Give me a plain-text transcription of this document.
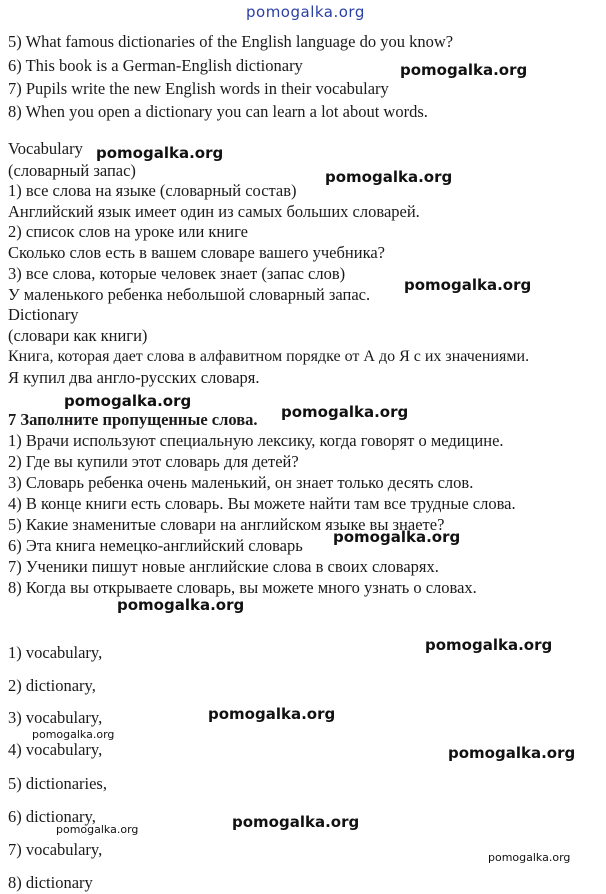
pomogalka.org
5) What famous dictionaries of the English language do you know?
6) This book is a German-English dictionary
7) Pupils write the new English words in their vocabulary
8) When you open a dictionary you can learn a lot about words.
Vocabulary
(словарный запас)
1) все слова на языке (словарный состав)
Английский язык имеет один из самых больших словарей.
2) список слов на уроке или книге
Сколько слов есть в вашем словаре вашего учебника?
3) все слова, которые человек знает (запас слов)
У маленького ребенка небольшой словарный запас.
Dictionary
(словари как книги)
Книга, которая дает слова в алфавитном порядке от А до Я с их значениями.
Я купил два англо-русских словаря.
7 Заполните пропущенные слова.
1) Врачи используют специальную лексику, когда говорят о медицине.
2) Где вы купили этот словарь для детей?
3) Словарь ребенка очень маленький, он знает только десять слов.
4) В конце книги есть словарь. Вы можете найти там все трудные слова.
5) Какие знаменитые словари на английском языке вы знаете?
6) Эта книга немецко-английский словарь
7) Ученики пишут новые английские слова в своих словарях.
8) Когда вы открываете словарь, вы можете много узнать о словах.
1) vocabulary,
2) dictionary,
3) vocabulary,
4) vocabulary,
5) dictionaries,
6) dictionary,
7) vocabulary,
8) dictionary
pomogalka.org
pomogalka.org
pomogalka.org
pomogalka.org
pomogalka.org
pomogalka.org
pomogalka.org
pomogalka.org
pomogalka.org
pomogalka.org
pomogalka.org
pomogalka.org
pomogalka.org
pomogalka.org
pomogalka.org
